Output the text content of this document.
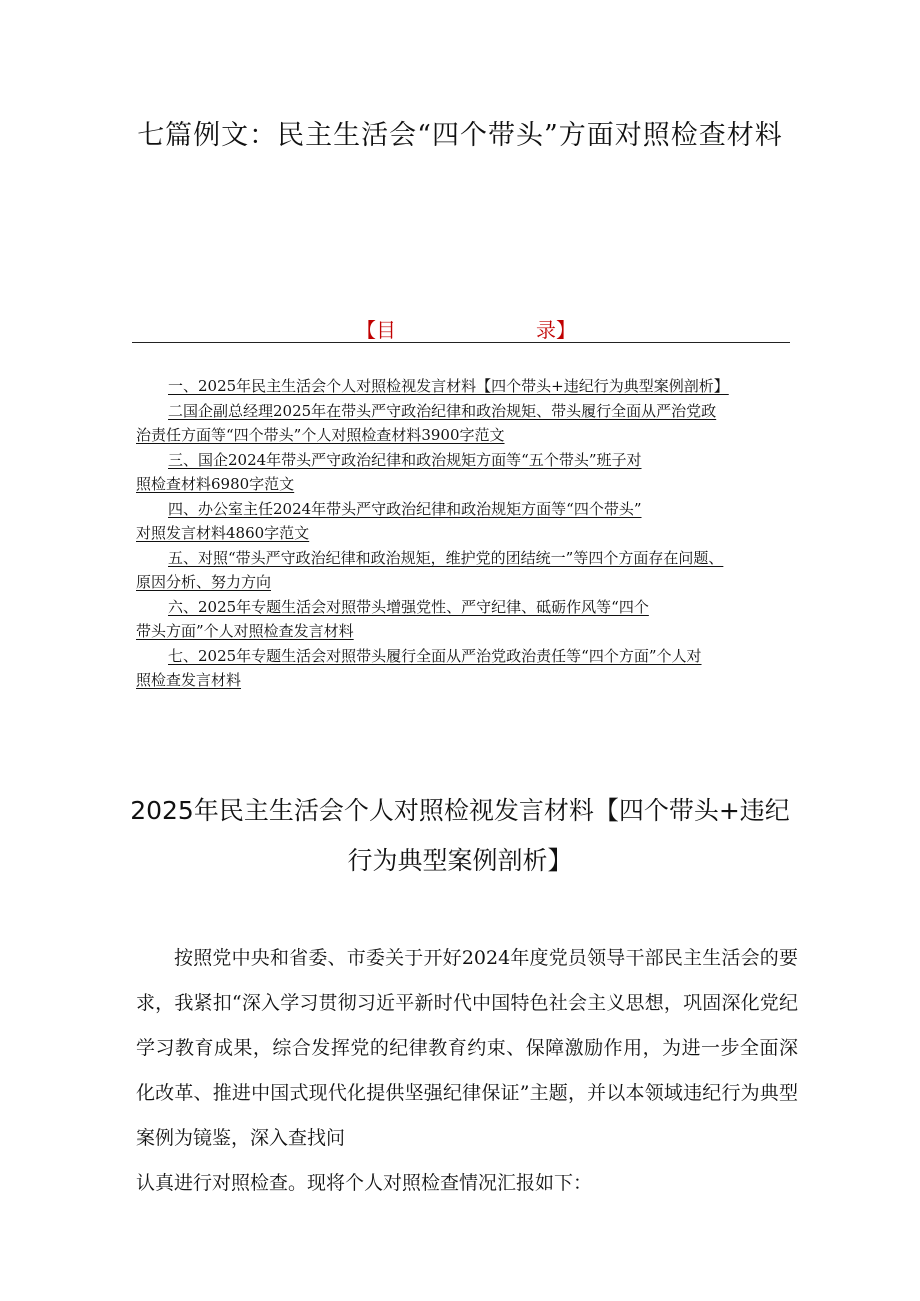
七篇例文：民主生活会“四个带头”方面对照检查材料
【目	录】
一、2025年民主生活会个人对照检视发言材料【四个带头+违纪行为典型案例剖析】
二国企副总经理2025年在带头严守政治纪律和政治规矩、带头履行全面从严治党政
治责任方面等“四个带头”个人对照检查材料3900字范文
三、国企2024年带头严守政治纪律和政治规矩方面等“五个带头”班子对
照检查材料6980字范文
四、办公室主任2024年带头严守政治纪律和政治规矩方面等“四个带头”
对照发言材料4860字范文
五、对照“带头严守政治纪律和政治规矩，维护党的团结统一”等四个方面存在问题、
原因分析、努力方向
六、2025年专题生活会对照带头增强党性、严守纪律、砥砺作风等“四个
带头方面”个人对照检查发言材料
七、2025年专题生活会对照带头履行全面从严治党政治责任等“四个方面”个人对
照检查发言材料
2025年民主生活会个人对照检视发言材料【四个带头+违纪行为典型案例剖析】
按照党中央和省委、市委关于开好2024年度党员领导干部民主生活会的要求，我紧扣“深入学习贯彻习近平新时代中国特色社会主义思想，巩固深化党纪学习教育成果，综合发挥党的纪律教育约束、保障激励作用，为进一步全面深化改革、推进中国式现代化提供坚强纪律保证”主题，并以本领域违纪行为典型案例为镜鉴，深入查找问
认真进行对照检查。现将个人对照检查情况汇报如下：
